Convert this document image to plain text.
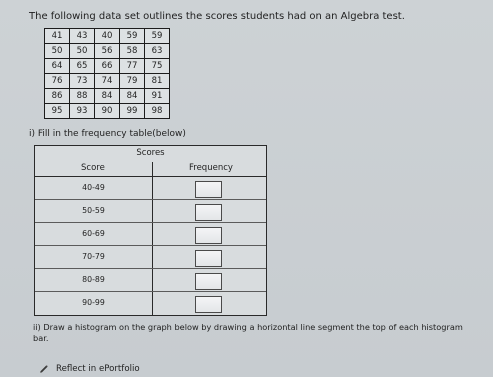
The following data set outlines the scores students had on an Algebra test.
41	43	40	59	59
50	50	56	58	63
64	65	66	77	75
76	73	74	79	81
86	88	84	84	91
95	93	90	99	98
i) Fill in the frequency table(below)
Scores
Score	Frequency
40-49
50-59
60-69
70-79
80-89
90-99
ii) Draw a histogram on the graph below by drawing a horizontal line segment the top of each histogram
bar.
Reflect in ePortfolio
